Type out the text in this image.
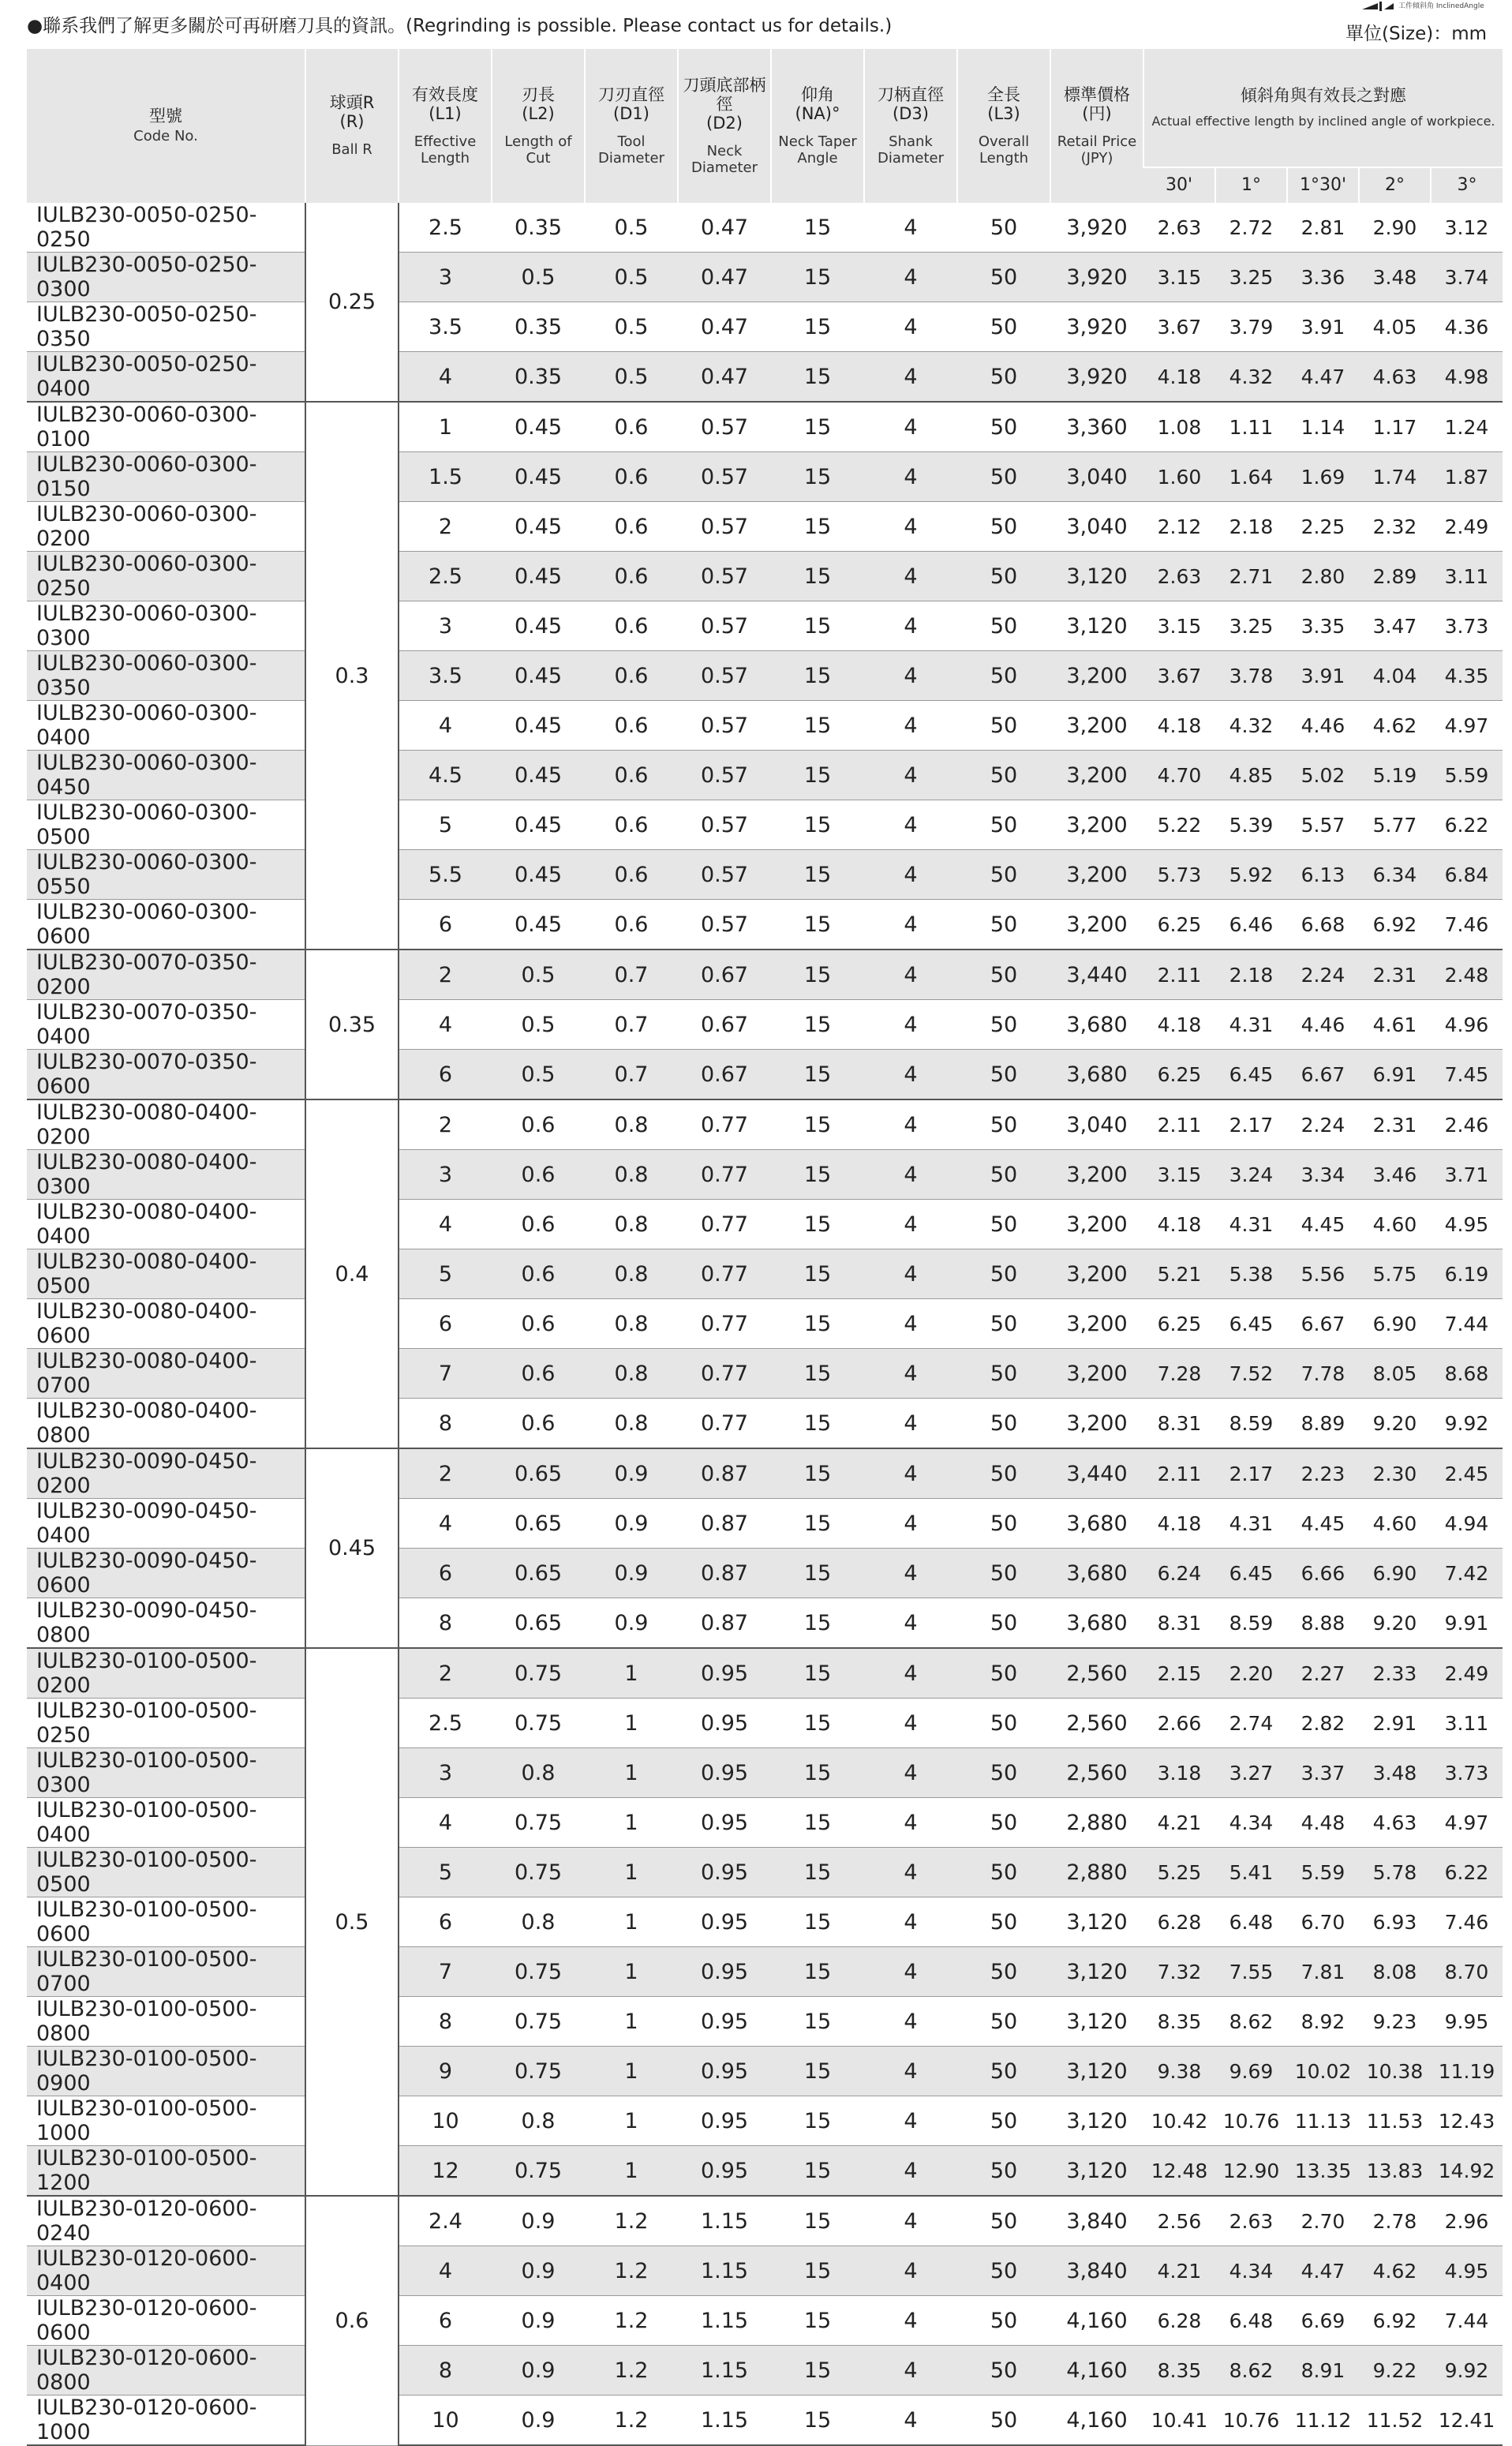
●聯系我們了解更多關於可再研磨刀具的資訊。(Regrinding is possible. Please contact us for details.)
工件傾斜角 InclinedAngle
單位(Size)：mm
型號
Code No.	球頭R
(R)
Ball R	有效長度
(L1)
Effective
Length	刃長
(L2)
Length of
Cut	刀刃直徑
(D1)
Tool
Diameter	刀頭底部柄徑
(D2)
Neck
Diameter	仰角
(NA)°
Neck Taper
Angle	刀柄直徑
(D3)
Shank
Diameter	全長
(L3)
Overall
Length	標準價格
(円)
Retail Price
(JPY)	傾斜角與有效長之對應
Actual effective length by inclined angle of workpiece.				

										30'	1°	1°30'	2°	3°
IULB230-0050-0250-0250	0.25	2.5	0.35	0.5	0.47	15	4	50	3,920	2.63	2.72	2.81	2.90	3.12
IULB230-0050-0250-0300		3	0.5	0.5	0.47	15	4	50	3,920	3.15	3.25	3.36	3.48	3.74
IULB230-0050-0250-0350		3.5	0.35	0.5	0.47	15	4	50	3,920	3.67	3.79	3.91	4.05	4.36
IULB230-0050-0250-0400		4	0.35	0.5	0.47	15	4	50	3,920	4.18	4.32	4.47	4.63	4.98
IULB230-0060-0300-0100	0.3	1	0.45	0.6	0.57	15	4	50	3,360	1.08	1.11	1.14	1.17	1.24
IULB230-0060-0300-0150		1.5	0.45	0.6	0.57	15	4	50	3,040	1.60	1.64	1.69	1.74	1.87
IULB230-0060-0300-0200		2	0.45	0.6	0.57	15	4	50	3,040	2.12	2.18	2.25	2.32	2.49
IULB230-0060-0300-0250		2.5	0.45	0.6	0.57	15	4	50	3,120	2.63	2.71	2.80	2.89	3.11
IULB230-0060-0300-0300		3	0.45	0.6	0.57	15	4	50	3,120	3.15	3.25	3.35	3.47	3.73
IULB230-0060-0300-0350		3.5	0.45	0.6	0.57	15	4	50	3,200	3.67	3.78	3.91	4.04	4.35
IULB230-0060-0300-0400		4	0.45	0.6	0.57	15	4	50	3,200	4.18	4.32	4.46	4.62	4.97
IULB230-0060-0300-0450		4.5	0.45	0.6	0.57	15	4	50	3,200	4.70	4.85	5.02	5.19	5.59
IULB230-0060-0300-0500		5	0.45	0.6	0.57	15	4	50	3,200	5.22	5.39	5.57	5.77	6.22
IULB230-0060-0300-0550		5.5	0.45	0.6	0.57	15	4	50	3,200	5.73	5.92	6.13	6.34	6.84
IULB230-0060-0300-0600		6	0.45	0.6	0.57	15	4	50	3,200	6.25	6.46	6.68	6.92	7.46
IULB230-0070-0350-0200	0.35	2	0.5	0.7	0.67	15	4	50	3,440	2.11	2.18	2.24	2.31	2.48
IULB230-0070-0350-0400		4	0.5	0.7	0.67	15	4	50	3,680	4.18	4.31	4.46	4.61	4.96
IULB230-0070-0350-0600		6	0.5	0.7	0.67	15	4	50	3,680	6.25	6.45	6.67	6.91	7.45
IULB230-0080-0400-0200	0.4	2	0.6	0.8	0.77	15	4	50	3,040	2.11	2.17	2.24	2.31	2.46
IULB230-0080-0400-0300		3	0.6	0.8	0.77	15	4	50	3,200	3.15	3.24	3.34	3.46	3.71
IULB230-0080-0400-0400		4	0.6	0.8	0.77	15	4	50	3,200	4.18	4.31	4.45	4.60	4.95
IULB230-0080-0400-0500		5	0.6	0.8	0.77	15	4	50	3,200	5.21	5.38	5.56	5.75	6.19
IULB230-0080-0400-0600		6	0.6	0.8	0.77	15	4	50	3,200	6.25	6.45	6.67	6.90	7.44
IULB230-0080-0400-0700		7	0.6	0.8	0.77	15	4	50	3,200	7.28	7.52	7.78	8.05	8.68
IULB230-0080-0400-0800		8	0.6	0.8	0.77	15	4	50	3,200	8.31	8.59	8.89	9.20	9.92
IULB230-0090-0450-0200	0.45	2	0.65	0.9	0.87	15	4	50	3,440	2.11	2.17	2.23	2.30	2.45
IULB230-0090-0450-0400		4	0.65	0.9	0.87	15	4	50	3,680	4.18	4.31	4.45	4.60	4.94
IULB230-0090-0450-0600		6	0.65	0.9	0.87	15	4	50	3,680	6.24	6.45	6.66	6.90	7.42
IULB230-0090-0450-0800		8	0.65	0.9	0.87	15	4	50	3,680	8.31	8.59	8.88	9.20	9.91
IULB230-0100-0500-0200	0.5	2	0.75	1	0.95	15	4	50	2,560	2.15	2.20	2.27	2.33	2.49
IULB230-0100-0500-0250		2.5	0.75	1	0.95	15	4	50	2,560	2.66	2.74	2.82	2.91	3.11
IULB230-0100-0500-0300		3	0.8	1	0.95	15	4	50	2,560	3.18	3.27	3.37	3.48	3.73
IULB230-0100-0500-0400		4	0.75	1	0.95	15	4	50	2,880	4.21	4.34	4.48	4.63	4.97
IULB230-0100-0500-0500		5	0.75	1	0.95	15	4	50	2,880	5.25	5.41	5.59	5.78	6.22
IULB230-0100-0500-0600		6	0.8	1	0.95	15	4	50	3,120	6.28	6.48	6.70	6.93	7.46
IULB230-0100-0500-0700		7	0.75	1	0.95	15	4	50	3,120	7.32	7.55	7.81	8.08	8.70
IULB230-0100-0500-0800		8	0.75	1	0.95	15	4	50	3,120	8.35	8.62	8.92	9.23	9.95
IULB230-0100-0500-0900		9	0.75	1	0.95	15	4	50	3,120	9.38	9.69	10.02	10.38	11.19
IULB230-0100-0500-1000		10	0.8	1	0.95	15	4	50	3,120	10.42	10.76	11.13	11.53	12.43
IULB230-0100-0500-1200		12	0.75	1	0.95	15	4	50	3,120	12.48	12.90	13.35	13.83	14.92
IULB230-0120-0600-0240	0.6	2.4	0.9	1.2	1.15	15	4	50	3,840	2.56	2.63	2.70	2.78	2.96
IULB230-0120-0600-0400		4	0.9	1.2	1.15	15	4	50	3,840	4.21	4.34	4.47	4.62	4.95
IULB230-0120-0600-0600		6	0.9	1.2	1.15	15	4	50	4,160	6.28	6.48	6.69	6.92	7.44
IULB230-0120-0600-0800		8	0.9	1.2	1.15	15	4	50	4,160	8.35	8.62	8.91	9.22	9.92
IULB230-0120-0600-1000		10	0.9	1.2	1.15	15	4	50	4,160	10.41	10.76	11.12	11.52	12.41
